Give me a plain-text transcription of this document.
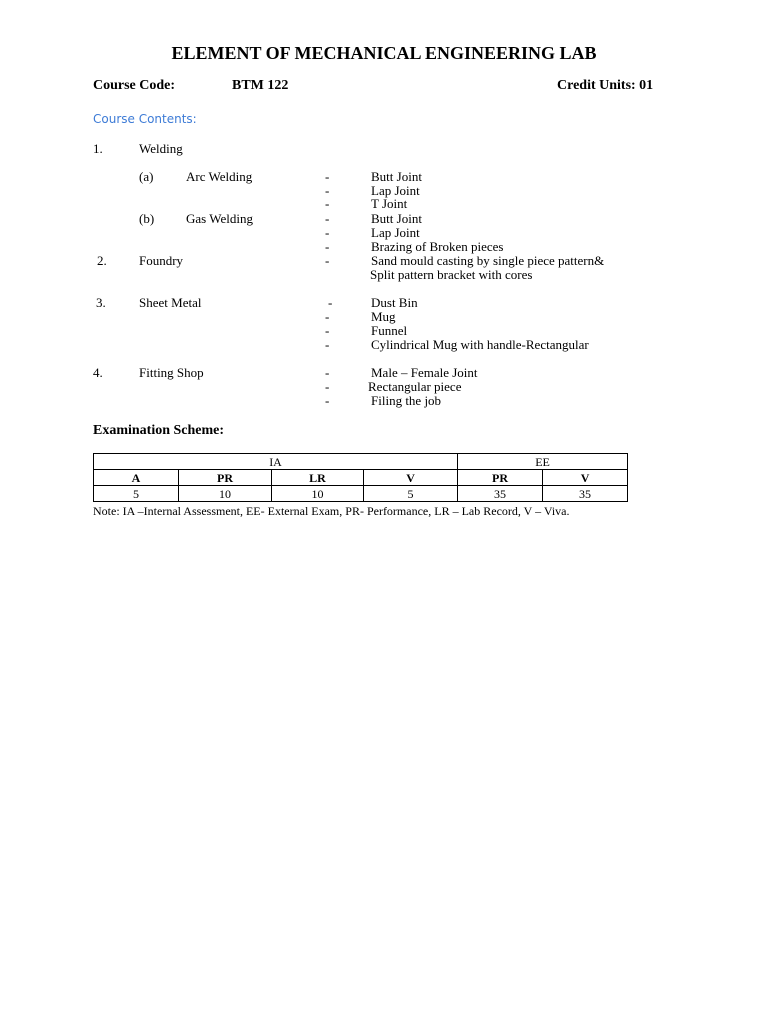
ELEMENT OF MECHANICAL ENGINEERING LAB
Course Code:	BTM 122	Credit Units: 01
Course Contents:
1.	Welding
(a)	Arc Welding	-	Butt Joint
-	Lap Joint
-	T Joint
(b) Gas Welding	-	Butt Joint
-	Lap Joint
-	Brazing of Broken pieces
2. Foundry	-	Sand mould casting by single piece pattern&
Split pattern bracket with cores
3.	Sheet Metal	-	Dust Bin
-	Mug
-	Funnel
-	Cylindrical Mug with handle-Rectangular
4.	Fitting Shop	-	Male – Female Joint
-	Rectangular piece
-	Filing the job
Examination Scheme:
IA				EE	
A	PR	LR	V	PR	V
5	10	10	5	35	35
Note: IA –Internal Assessment, EE- External Exam, PR- Performance, LR – Lab Record, V – Viva.
